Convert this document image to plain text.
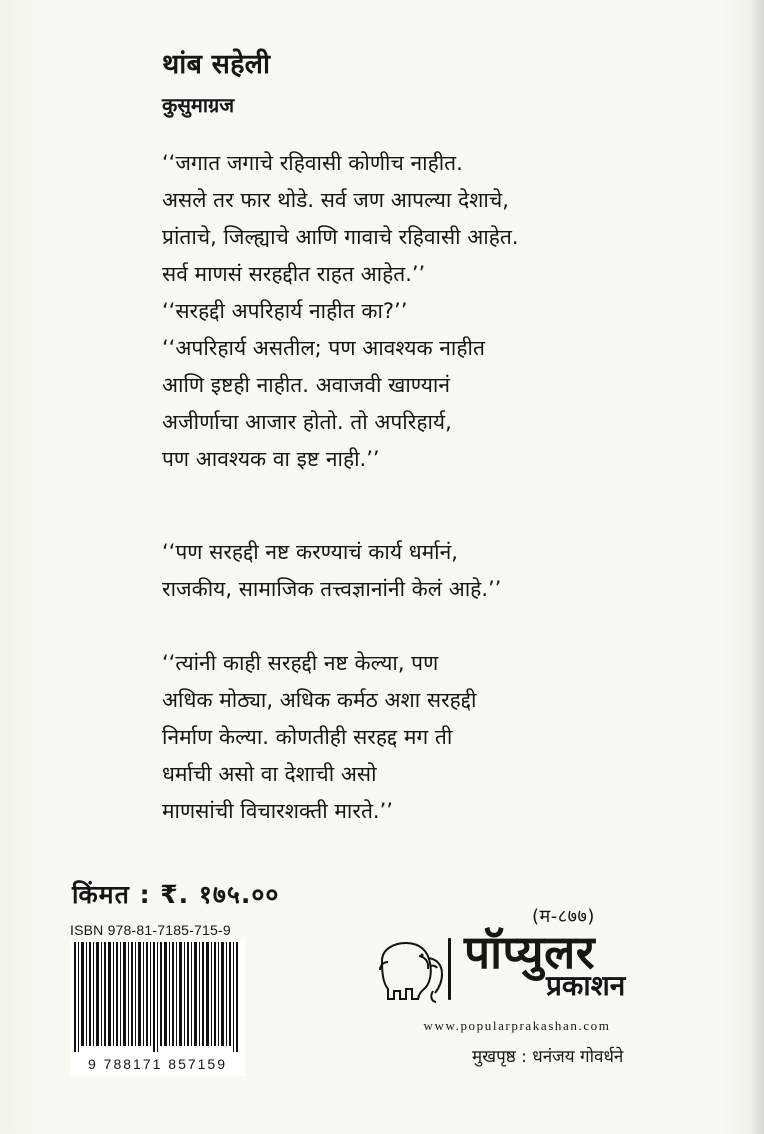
थांब सहेली
कुसुमाग्रज
‘‘जगात जगाचे रहिवासी कोणीच नाहीत.
असले तर फार थोडे. सर्व जण आपल्या देशाचे,
प्रांताचे, जिल्ह्याचे आणि गावाचे रहिवासी आहेत.
सर्व माणसं सरहद्दीत राहत आहेत.’’
‘‘सरहद्दी अपरिहार्य नाहीत का?’’
‘‘अपरिहार्य असतील; पण आवश्यक नाहीत
आणि इष्टही नाहीत. अवाजवी खाण्यानं
अजीर्णाचा आजार होतो. तो अपरिहार्य,
पण आवश्यक वा इष्ट नाही.’’
‘‘पण सरहद्दी नष्ट करण्याचं कार्य धर्मानं,
राजकीय, सामाजिक तत्त्वज्ञानांनी केलं आहे.’’
‘‘त्यांनी काही सरहद्दी नष्ट केल्या, पण
अधिक मोठ्या, अधिक कर्मठ अशा सरहद्दी
निर्माण केल्या. कोणतीही सरहद्द मग ती
धर्माची असो वा देशाची असो
माणसांची विचारशक्ती मारते.’’
किंमत : ₹. १७५.००
ISBN 978-81-7185-715-9
9 788171 857159
(म-८७७)
पॉप्युलर
प्रकाशन
www.popularprakashan.com
मुखपृष्ठ : धनंजय गोवर्धने
